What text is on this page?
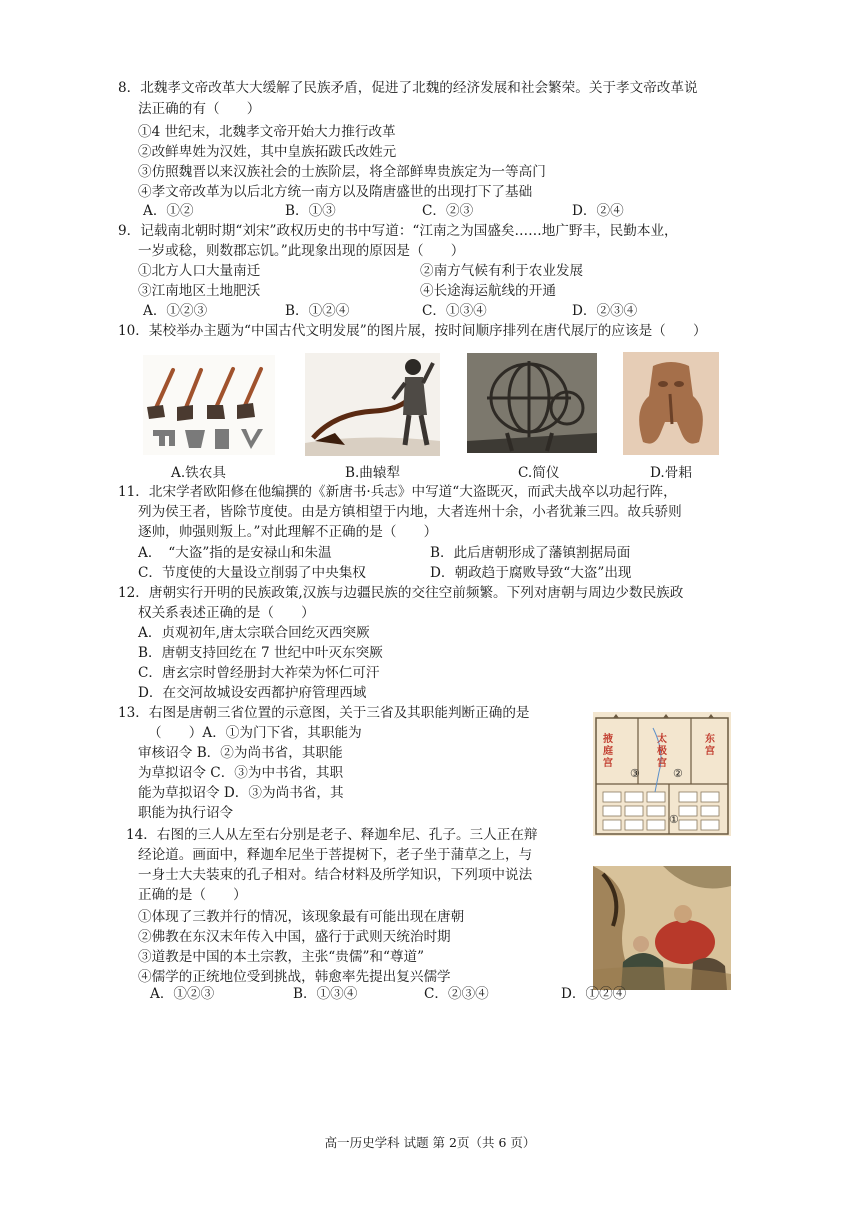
8．北魏孝文帝改革大大缓解了民族矛盾，促进了北魏的经济发展和社会繁荣。关于孝文帝改革说
法正确的有（　　）
①4 世纪末，北魏孝文帝开始大力推行改革
②改鲜卑姓为汉姓，其中皇族拓跋氏改姓元
③仿照魏晋以来汉族社会的士族阶层，将全部鲜卑贵族定为一等高门
④孝文帝改革为以后北方统一南方以及隋唐盛世的出现打下了基础
A．①②	B．①③	C．②③	D．②④
9．记载南北朝时期“刘宋”政权历史的书中写道：“江南之为国盛矣……地广野丰，民勤本业，
一岁或稔，则数郡忘饥。”此现象出现的原因是（　　）
①北方人口大量南迁	②南方气候有利于农业发展
③江南地区土地肥沃	④长途海运航线的开通
A．①②③	B．①②④	C．①③④	D．②③④
10．某校举办主题为“中国古代文明发展”的图片展，按时间顺序排列在唐代展厅的应该是（　　）
A.铁农具	B.曲辕犁	C.简仪	D.骨耜
11．北宋学者欧阳修在他编撰的《新唐书·兵志》中写道“大盗既灭，而武夫战卒以功起行阵，
列为侯王者，皆除节度使。由是方镇相望于内地，大者连州十余，小者犹兼三四。故兵骄则
逐帅，帅强则叛上。”对此理解不正确的是（　　）
A．　“大盗”指的是安禄山和朱温	B．此后唐朝形成了藩镇割据局面
C．节度使的大量设立削弱了中央集权	D．朝政趋于腐败导致“大盗”出现
12．唐朝实行开明的民族政策,汉族与边疆民族的交往空前频繁。下列对唐朝与周边少数民族政
权关系表述正确的是（　　）
A．贞观初年,唐太宗联合回纥灭西突厥
B．唐朝支持回纥在 7 世纪中叶灭东突厥
C．唐玄宗时曾经册封大祚荣为怀仁可汗
D．在交河故城设安西都护府管理西域
13．右图是唐朝三省位置的示意图，关于三省及其职能判断正确的是
（　　）A．①为门下省，其职能为
审核诏令 B．②为尚书省，其职能
为草拟诏令 C．③为中书省，其职
能为草拟诏令 D．③为尚书省，其
职能为执行诏令
掖庭宫
太极宫
东宫
③	②
①
14．右图的三人从左至右分别是老子、释迦牟尼、孔子。三人正在辩
经论道。画面中，释迦牟尼坐于菩提树下，老子坐于蒲草之上，与
一身士大夫装束的孔子相对。结合材料及所学知识，下列项中说法
正确的是（　　）
①体现了三教并行的情况，该现象最有可能出现在唐朝
②佛教在东汉末年传入中国，盛行于武则天统治时期
③道教是中国的本土宗教，主张“贵儒”和“尊道”
④儒学的正统地位受到挑战，韩愈率先提出复兴儒学
A．①②③	B．①③④	C．②③④	D．①②④
高一历史学科 试题 第 2页（共 6 页）
